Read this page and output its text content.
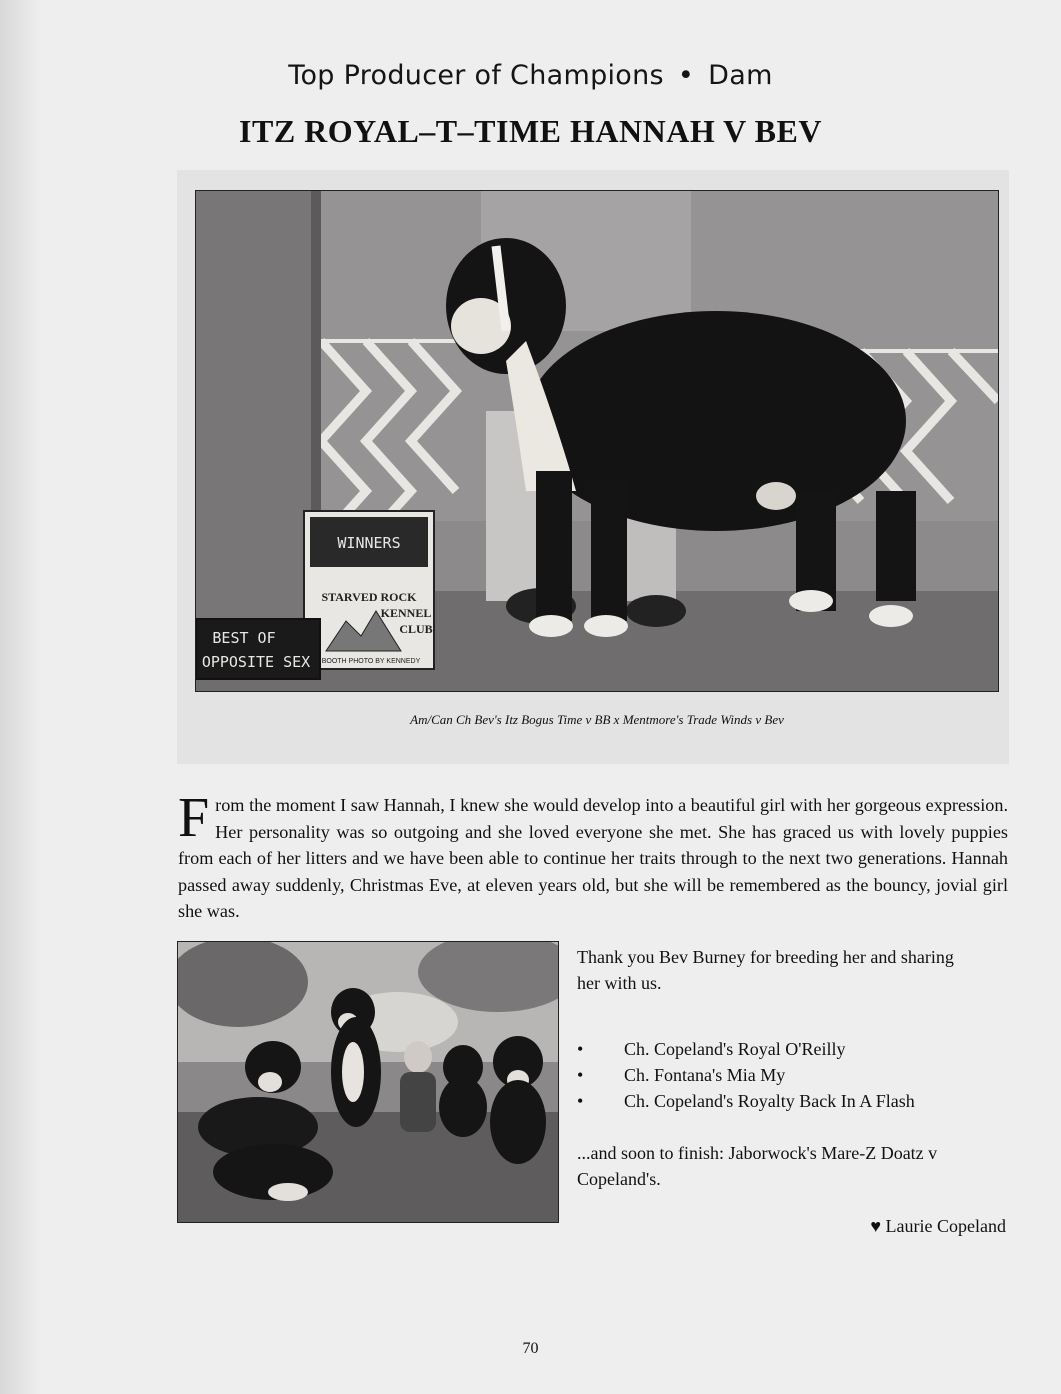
Top Producer of Champions • Dam
ITZ ROYAL–T–TIME HANNAH V BEV
WINNERS
STARVED ROCK
KENNEL
CLUB
BOOTH PHOTO BY KENNEDY
BEST OF
OPPOSITE SEX
Am/Can Ch Bev's Itz Bogus Time v BB x Mentmore's Trade Winds v Bev
From the moment I saw Hannah, I knew she would develop into a beautiful girl with her gorgeous expression. Her personality was so outgoing and she loved everyone she met. She has graced us with lovely puppies from each of her litters and we have been able to continue her traits through to the next two generations. Hannah passed away suddenly, Christmas Eve, at eleven years old, but she will be remembered as the bouncy, jovial girl she was.
Thank you Bev Burney for breeding her and sharing her with us.
• Ch. Copeland's Royal O'Reilly
• Ch. Fontana's Mia My
• Ch. Copeland's Royalty Back In A Flash
...and soon to finish: Jaborwock's Mare-Z Doatz v Copeland's.
♥ Laurie Copeland
70
